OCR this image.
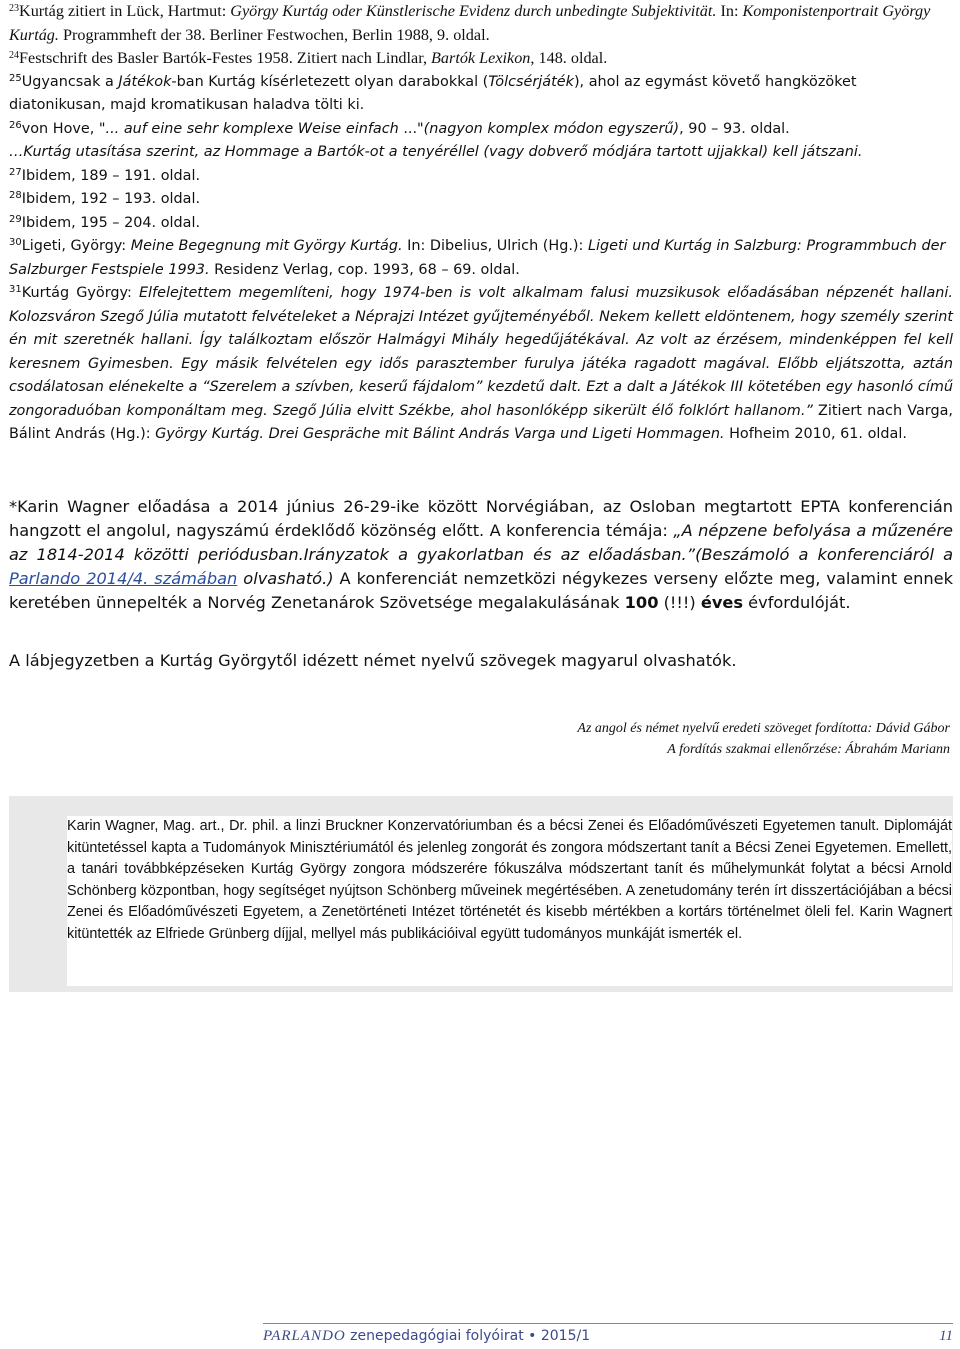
$^{23}$Kurtág zitiert in Lück, Hartmut: György Kurtág oder Künstlerische Evidenz durch unbedingte Subjektivität. In: Komponistenportrait György Kurtág. Programmheft der 38. Berliner Festwochen, Berlin 1988, 9. oldal.

$^{24}$Festschrift des Basler Bartók-Festes 1958. Zitiert nach Lindlar, Bartók Lexikon, 148. oldal.

$^{25}$Ugyancsak a Játékok-ban Kurtág kísérletezett olyan darabokkal (Tölcsérjáték), ahol az egymást követő hangközöket diatonikusan, majd kromatikusan haladva tölti ki.

$^{26}$von Hove, "... auf eine sehr komplexe Weise einfach ..."(nagyon komplex módon egyszerű), 90 – 93. oldal.

…Kurtág utasítása szerint, az Hommage a Bartók-ot a tenyéréllel (vagy dobverő módjára tartott ujjakkal) kell játszani.

$^{27}$Ibidem, 189 – 191. oldal.

$^{28}$Ibidem, 192 – 193. oldal.

$^{29}$Ibidem, 195 – 204. oldal.

$^{30}$Ligeti, György: Meine Begegnung mit György Kurtág. In: Dibelius, Ulrich (Hg.): Ligeti und Kurtág in Salzburg: Programmbuch der Salzburger Festspiele 1993. Residenz Verlag, cop. 1993, 68 – 69. oldal.

$^{31}$Kurtág György: Elfelejtettem megemlíteni, hogy 1974-ben is volt alkalmam falusi muzsikusok előadásában népzenét hallani. Kolozsváron Szegő Júlia mutatott felvételeket a Néprajzi Intézet gyűjteményéből. Nekem kellett eldöntenem, hogy személy szerint én mit szeretnék hallani. Így találkoztam először Halmágyi Mihály hegedűjátékával. Az volt az érzésem, mindenképpen fel kell keresnem Gyimesben. Egy másik felvételen egy idős parasztember furulya játéka ragadott magával. Előbb eljátszotta, aztán csodálatosan elénekelte a “Szerelem a szívben, keserű fájdalom” kezdetű dalt. Ezt a dalt a Játékok III kötetében egy hasonló című zongoraduóban komponáltam meg. Szegő Júlia elvitt Székbe, ahol hasonlóképp sikerült élő folklórt hallanom.” Zitiert nach Varga, Bálint András (Hg.): György Kurtág. Drei Gespräche mit Bálint András Varga und Ligeti Hommagen. Hofheim 2010, 61. oldal.

*Karin Wagner előadása a 2014 június 26-29-ike között Norvégiában, az Osloban megtartott EPTA konferencián hangzott el angolul, nagyszámú érdeklődő közönség előtt. A konferencia témája: „A népzene befolyása a műzenére az 1814-2014 közötti periódusban.Irányzatok a gyakorlatban és az előadásban.”(Beszámoló a konferenciáról a Parlando 2014/4. számában olvasható.) A konferenciát nemzetközi négykezes verseny előzte meg, valamint ennek keretében ünnepelték a Norvég Zenetanárok Szövetsége megalakulásának 100 (!!!) éves évfordulóját.

A lábjegyzetben a Kurtág Györgytől idézett német nyelvű szövegek magyarul olvashatók.

Az angol és német nyelvű eredeti szöveget fordította: Dávid Gábor
A fordítás szakmai ellenőrzése: Ábrahám Mariann

Karin Wagner, Mag. art., Dr. phil. a linzi Bruckner Konzervatóriumban és a bécsi Zenei és Előadóművészeti Egyetemen tanult. Diplomáját kitüntetéssel kapta a Tudományok Minisztériumától és jelenleg zongorát és zongora módszertant tanít a Bécsi Zenei Egyetemen. Emellett, a tanári továbbképzéseken Kurtág György zongora módszerére fókuszálva módszertant tanít és műhelymunkát folytat a bécsi Arnold Schönberg központban, hogy segítséget nyújtson Schönberg műveinek megértésében. A zenetudomány terén írt disszertációjában a bécsi Zenei és Előadóművészeti Egyetem, a Zenetörténeti Intézet történetét és kisebb mértékben a kortárs történelmet öleli fel. Karin Wagnert kitüntették az Elfriede Grünberg díjjal, mellyel más publikációival együtt tudományos munkáját ismerték el.

PARLANDO zenepedagógiai folyóirat • 2015/1	11
